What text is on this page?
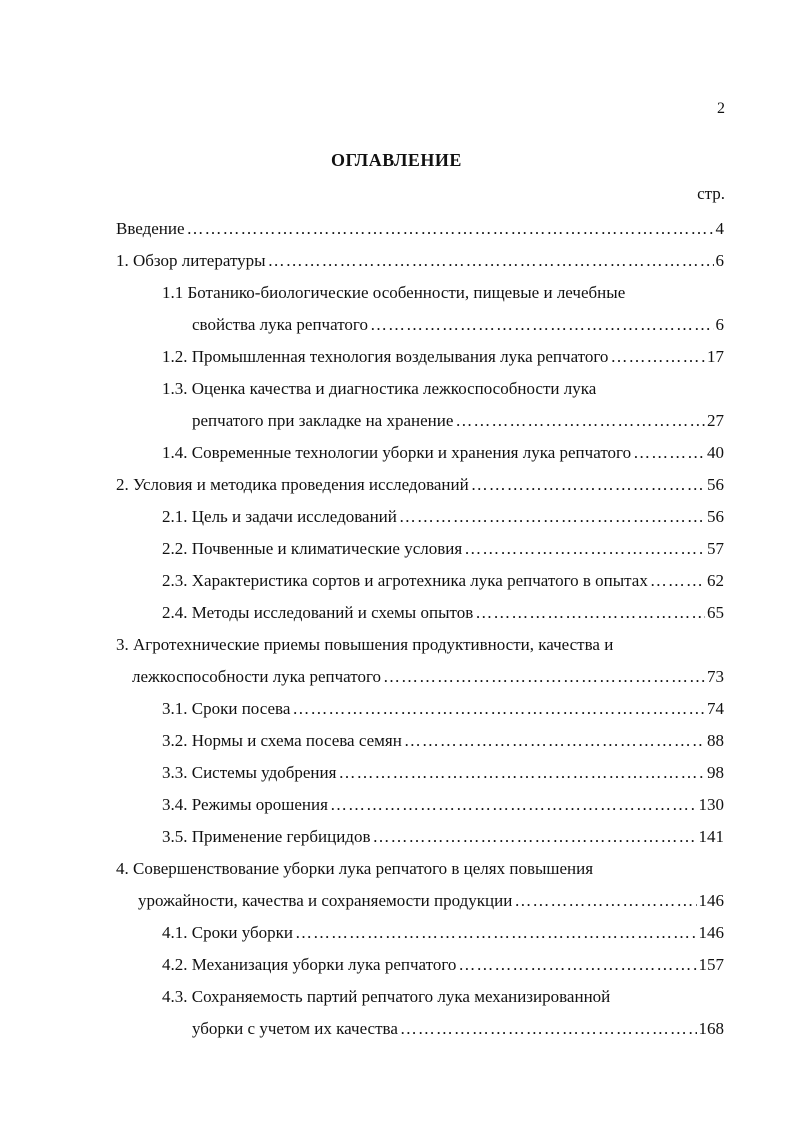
2
ОГЛАВЛЕНИЕ
стр.
Введение …………………………………………………………………………………………………………………………………………………………	4
1. Обзор литературы …………………………………………………………………………………………………………………………………………………………	6
1.1 Ботанико-биологические особенности, пищевые и лечебные
свойства лука репчатого …………………………………………………………………………………………………………………………………………………………	6
1.2. Промышленная технология возделывания лука репчатого …………………………………………………………………………………………………………………………………………………………	17
1.3. Оценка качества и диагностика лежкоспособности лука
репчатого при закладке на хранение …………………………………………………………………………………………………………………………………………………………	27
1.4. Современные технологии уборки и хранения лука репчатого …………………………………………………………………………………………………………………………………………………………	40
2. Условия и методика проведения исследований …………………………………………………………………………………………………………………………………………………………	56
2.1. Цель и задачи исследований …………………………………………………………………………………………………………………………………………………………	56
2.2. Почвенные и климатические условия …………………………………………………………………………………………………………………………………………………………	57
2.3. Характеристика сортов и агротехника лука репчатого в опытах …………………………………………………………………………………………………………………………………………………………	62
2.4. Методы исследований и схемы опытов …………………………………………………………………………………………………………………………………………………………	65
3. Агротехнические приемы повышения продуктивности, качества и
лежкоспособности лука репчатого …………………………………………………………………………………………………………………………………………………………	73
3.1. Сроки посева …………………………………………………………………………………………………………………………………………………………	74
3.2. Нормы и схема посева семян …………………………………………………………………………………………………………………………………………………………	88
3.3. Системы удобрения …………………………………………………………………………………………………………………………………………………………	98
3.4. Режимы орошения …………………………………………………………………………………………………………………………………………………………	130
3.5. Применение гербицидов …………………………………………………………………………………………………………………………………………………………	141
4. Совершенствование уборки лука репчатого в целях повышения
урожайности, качества и сохраняемости продукции …………………………………………………………………………………………………………………………………………………………	146
4.1. Сроки уборки …………………………………………………………………………………………………………………………………………………………	146
4.2. Механизация уборки лука репчатого …………………………………………………………………………………………………………………………………………………………	157
4.3. Сохраняемость партий репчатого лука механизированной
уборки с учетом их качества …………………………………………………………………………………………………………………………………………………………	168
